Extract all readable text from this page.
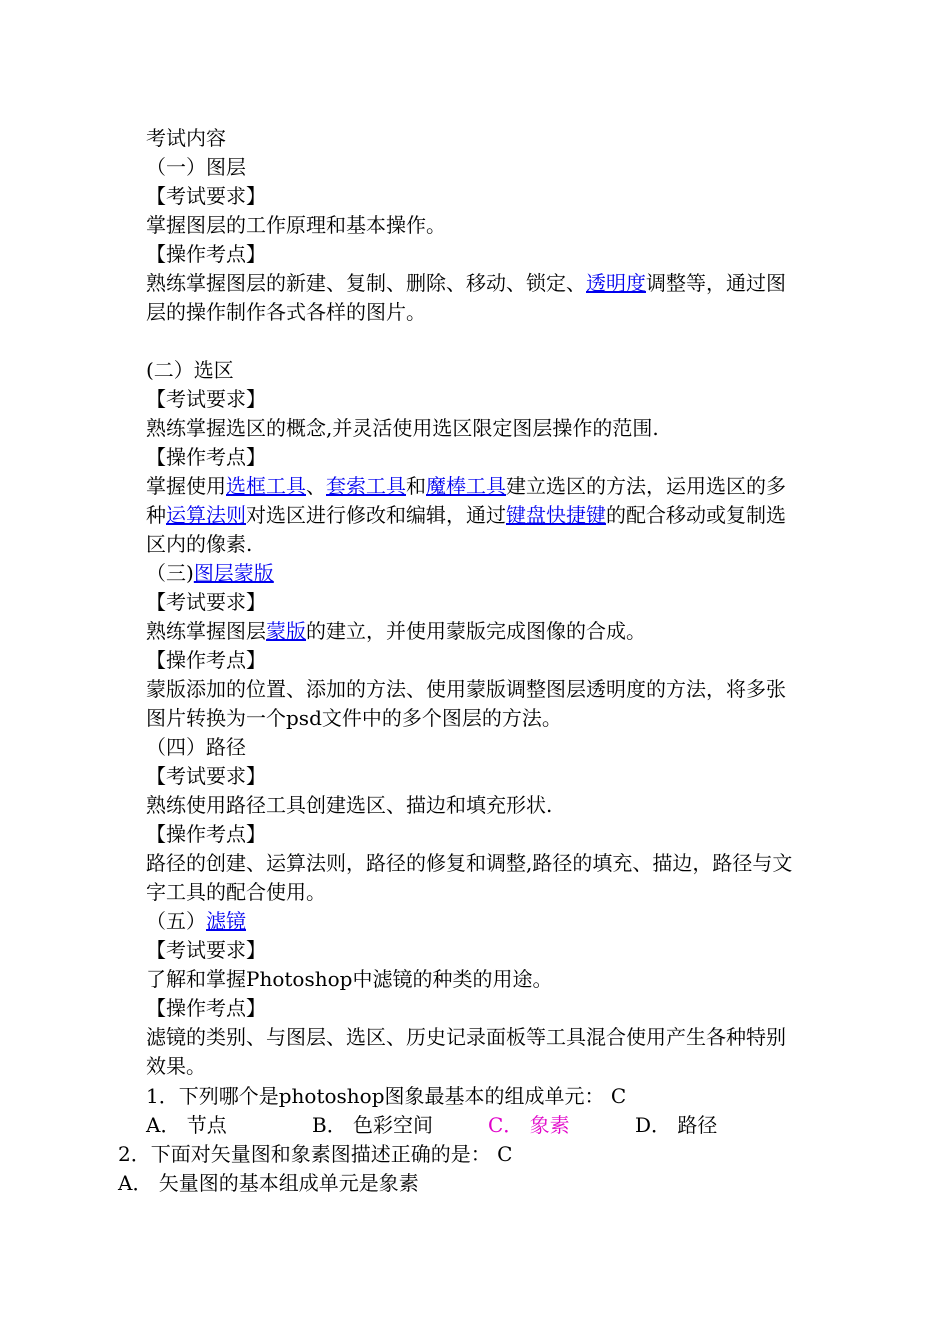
考试内容
（一）图层
【考试要求】
掌握图层的工作原理和基本操作。
【操作考点】
熟练掌握图层的新建、复制、删除、移动、锁定、透明度调整等，通过图
层的操作制作各式各样的图片。
(二）选区
【考试要求】
熟练掌握选区的概念,并灵活使用选区限定图层操作的范围.
【操作考点】
掌握使用选框工具、套索工具和魔棒工具建立选区的方法，运用选区的多
种运算法则对选区进行修改和编辑，通过键盘快捷键的配合移动或复制选
区内的像素.
（三)图层蒙版
【考试要求】
熟练掌握图层蒙版的建立，并使用蒙版完成图像的合成。
【操作考点】
蒙版添加的位置、添加的方法、使用蒙版调整图层透明度的方法，将多张
图片转换为一个psd文件中的多个图层的方法。
（四）路径
【考试要求】
熟练使用路径工具创建选区、描边和填充形状.
【操作考点】
路径的创建、运算法则，路径的修复和调整,路径的填充、描边，路径与文
字工具的配合使用。
（五）滤镜
【考试要求】
了解和掌握Photoshop中滤镜的种类的用途。
【操作考点】
滤镜的类别、与图层、选区、历史记录面板等工具混合使用产生各种特别
效果。
1．下列哪个是photoshop图象最基本的组成单元： C
A． 节点	B． 色彩空间	C． 象素	D． 路径
2．下面对矢量图和象素图描述正确的是： C
A． 矢量图的基本组成单元是象素
